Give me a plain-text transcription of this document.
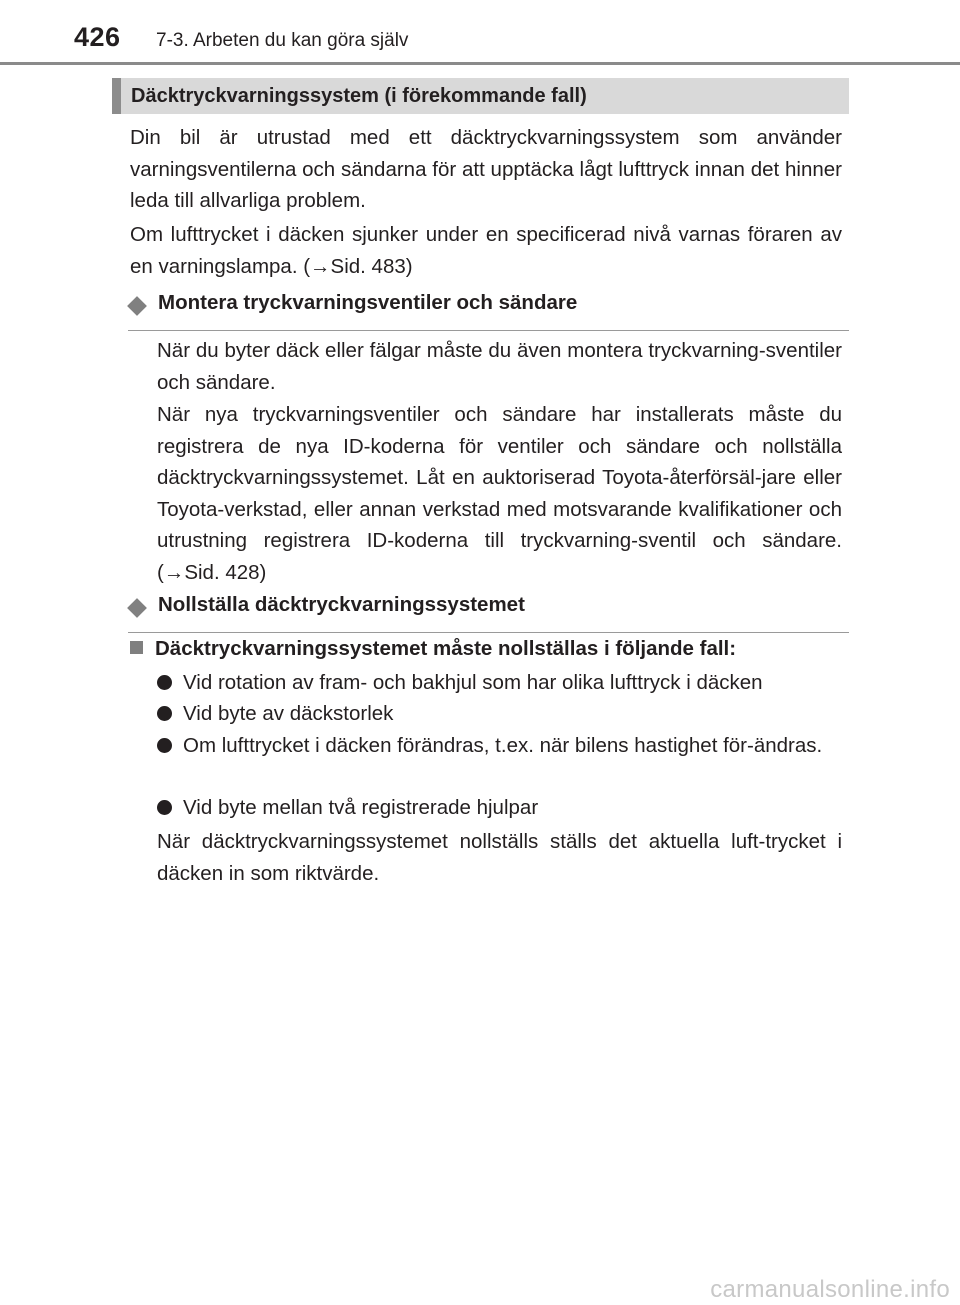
426 7-3. Arbeten du kan göra själv
Däcktryckvarningssystem (i förekommande fall)

Din bil är utrustad med ett däcktryckvarningssystem som använder varningsventilerna och sändarna för att upptäcka lågt lufttryck innan det hinner leda till allvarliga problem.

Om lufttrycket i däcken sjunker under en specificerad nivå varnas föraren av en varningslampa. (→Sid. 483)

Montera tryckvarningsventiler och sändare

När du byter däck eller fälgar måste du även montera tryckvarning-sventiler och sändare.

När nya tryckvarningsventiler och sändare har installerats måste du registrera de nya ID-koderna för ventiler och sändare och nollställa däcktryckvarningssystemet. Låt en auktoriserad Toyota-återförsäl-jare eller Toyota-verkstad, eller annan verkstad med motsvarande kvalifikationer och utrustning registrera ID-koderna till tryckvarning-sventil och sändare. (→Sid. 428)

Nollställa däcktryckvarningssystemet
Däcktryckvarningssystemet måste nollställas i följande fall:
Vid rotation av fram- och bakhjul som har olika lufttryck i däcken
Vid byte av däckstorlek
Om lufttrycket i däcken förändras, t.ex. när bilens hastighet för-ändras.
Vid byte mellan två registrerade hjulpar

När däcktryckvarningssystemet nollställs ställs det aktuella luft-trycket i däcken in som riktvärde.

carmanualsonline.info
